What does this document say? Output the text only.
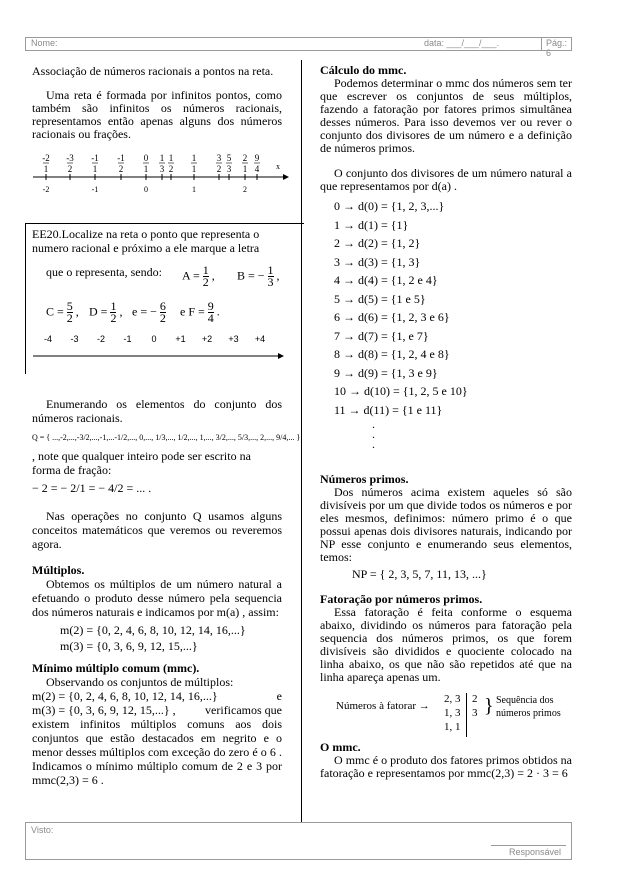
Nome:	data: ___/___/___.	Pág.: 6

Associação de números racionais a pontos na reta.

Uma reta é formada por infinitos pontos, como também são infinitos os números racionais, representamos então apenas alguns dos números racionais ou frações.

-2
1
-3
2
-1
1
-1
2
0
1
1
3
1
2
1
1
3
2
5
3
2
1
9
4
-2	-1	0	1	2
x

EE20.Localize na reta o ponto que representa o

numero racional e próximo a ele marque a letra

que o representa, sendo: $A = \frac{1}{2}$ , B = − $\frac{1}{3}$ ,
$C = \frac{5}{2}$ , $D = \frac{1}{2}$ , e = − $\frac{6}{2}$ e $F = \frac{9}{4}$ .
-4 -3 -2 -1 0 +1 +2 +3 +4

Enumerando os elementos do conjunto dos números racionais.

Q = { ...,-2,...,-3/2,...,-1,...-1/2,..., 0,..., 1/3,..., 1/2,..., 1,..., 3/2,..., 5/3,..., 2,..., 9/4,... }

, note que qualquer inteiro pode ser escrito na forma de fração:

− 2 = − 2/1 = − 4/2 = ... .

Nas operações no conjunto Q usamos alguns conceitos matemáticos que veremos ou reveremos agora.

Múltiplos.

Obtemos os múltiplos de um número natural a efetuando o produto desse número pela sequencia dos números naturais e indicamos por m(a) , assim:

m(2) = {0, 2, 4, 6, 8, 10, 12, 14, 16,...}

m(3) = {0, 3, 6, 9, 12, 15,...}

Mínimo múltiplo comum (mmc).

Observando os conjuntos de múltiplos:

m(2) = {0, 2, 4, 6, 8, 10, 12, 14, 16,...}	e

m(3) = {0, 3, 6, 9, 12, 15,...} , verificamos que

existem infinitos múltiplos comuns aos dois conjuntos que estão destacados em negrito e o menor desses múltiplos com exceção do zero é o 6 . Indicamos o mínimo múltiplo comum de 2 e 3 por mmc(2,3) = 6 .

Cálculo do mmc.

Podemos determinar o mmc dos números sem ter que escrever os conjuntos de seus múltiplos, fazendo a fatoração por fatores primos simultânea desses números. Para isso devemos ver ou rever o conjunto dos divisores de um número e a definição de números primos.

O conjunto dos divisores de um número natural a que representamos por d(a) .

0 → d(0) = {1, 2, 3,...}
1 → d(1) = {1}
2 → d(2) = {1, 2}
3 → d(3) = {1, 3}
4 → d(4) = {1, 2 e 4}
5 → d(5) = {1 e 5}
6 → d(6) = {1, 2, 3 e 6}
7 → d(7) = {1, e 7}
8 → d(8) = {1, 2, 4 e 8}
9 → d(9) = {1, 3 e 9}
10 → d(10) = {1, 2, 5 e 10}
11 → d(11) = {1 e 11}
.
.
.

Números primos.

Dos números acima existem aqueles só são divisíveis por um que divide todos os números e por eles mesmos, definimos: número primo é o que possui apenas dois divisores naturais, indicando por NP esse conjunto e enumerando seus elementos, temos:

NP = { 2, 3, 5, 7, 11, 13, ...}

Fatoração por números primos.

Essa fatoração é feita conforme o esquema abaixo, dividindo os números para fatoração pela sequencia dos números primos, os que forem divisíveis são divididos e quociente colocado na linha abaixo, os que não são repetidos até que na linha apareça apenas um.

Números à fatorar →
2, 3
1, 3
1, 1
2
3 } Sequência dos
números primos

O mmc.

O mmc é o produto dos fatores primos obtidos na fatoração e representamos por mmc(2,3) = 2 · 3 = 6

Visto:
Responsável
